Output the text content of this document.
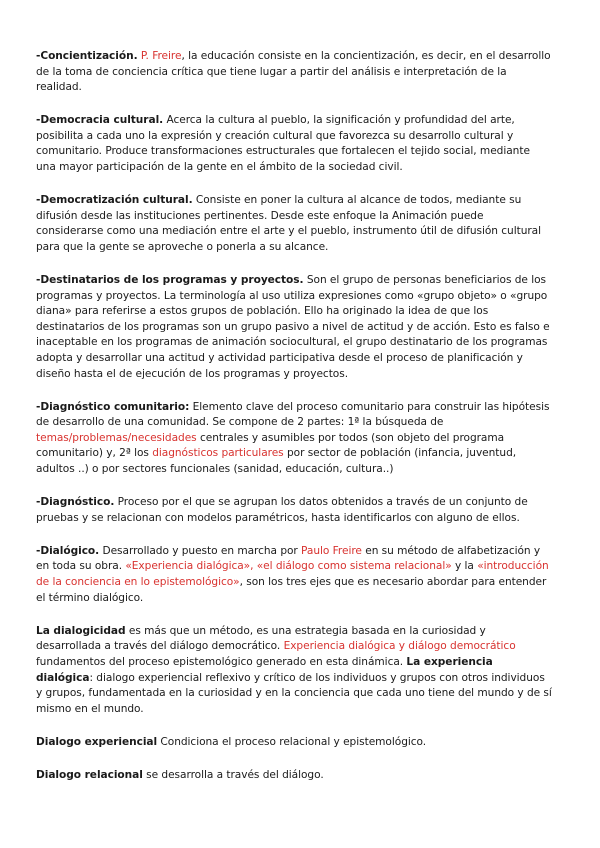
-Concientización. P. Freire, la educación consiste en la concientización, es decir, en el desarrollo de la toma de conciencia crítica que tiene lugar a partir del análisis e interpretación de la realidad.

-Democracia cultural. Acerca la cultura al pueblo, la significación y profundidad del arte, posibilita a cada uno la expresión y creación cultural que favorezca su desarrollo cultural y comunitario. Produce transformaciones estructurales que fortalecen el tejido social, mediante una mayor participación de la gente en el ámbito de la sociedad civil.

-Democratización cultural. Consiste en poner la cultura al alcance de todos, mediante su difusión desde las instituciones pertinentes. Desde este enfoque la Animación puede considerarse como una mediación entre el arte y el pueblo, instrumento útil de difusión cultural para que la gente se aproveche o ponerla a su alcance.

-Destinatarios de los programas y proyectos. Son el grupo de personas beneficiarios de los programas y proyectos. La terminología al uso utiliza expresiones como «grupo objeto» o «grupo diana» para referirse a estos grupos de población. Ello ha originado la idea de que los destinatarios de los programas son un grupo pasivo a nivel de actitud y de acción. Esto es falso e inaceptable en los programas de animación sociocultural, el grupo destinatario de los programas adopta y desarrollar una actitud y actividad participativa desde el proceso de planificación y diseño hasta el de ejecución de los programas y proyectos.

-Diagnóstico comunitario: Elemento clave del proceso comunitario para construir las hipótesis de desarrollo de una comunidad. Se compone de 2 partes: 1ª la búsqueda de temas/problemas/necesidades centrales y asumibles por todos (son objeto del programa comunitario) y, 2ª los diagnósticos particulares por sector de población (infancia, juventud, adultos ..) o por sectores funcionales (sanidad, educación, cultura..)

-Diagnóstico. Proceso por el que se agrupan los datos obtenidos a través de un conjunto de pruebas y se relacionan con modelos paramétricos, hasta identificarlos con alguno de ellos.

-Dialógico. Desarrollado y puesto en marcha por Paulo Freire en su método de alfabetización y en toda su obra. «Experiencia dialógica», «el diálogo como sistema relacional» y la «introducción de la conciencia en lo epistemológico», son los tres ejes que es necesario abordar para entender el término dialógico.

La dialogicidad es más que un método, es una estrategia basada en la curiosidad y desarrollada a través del diálogo democrático. Experiencia dialógica y diálogo democrático fundamentos del proceso epistemológico generado en esta dinámica. La experiencia dialógica: dialogo experiencial reflexivo y crítico de los individuos y grupos con otros individuos y grupos, fundamentada en la curiosidad y en la conciencia que cada uno tiene del mundo y de sí mismo en el mundo.

Dialogo experiencial Condiciona el proceso relacional y epistemológico.

Dialogo relacional se desarrolla a través del diálogo.
